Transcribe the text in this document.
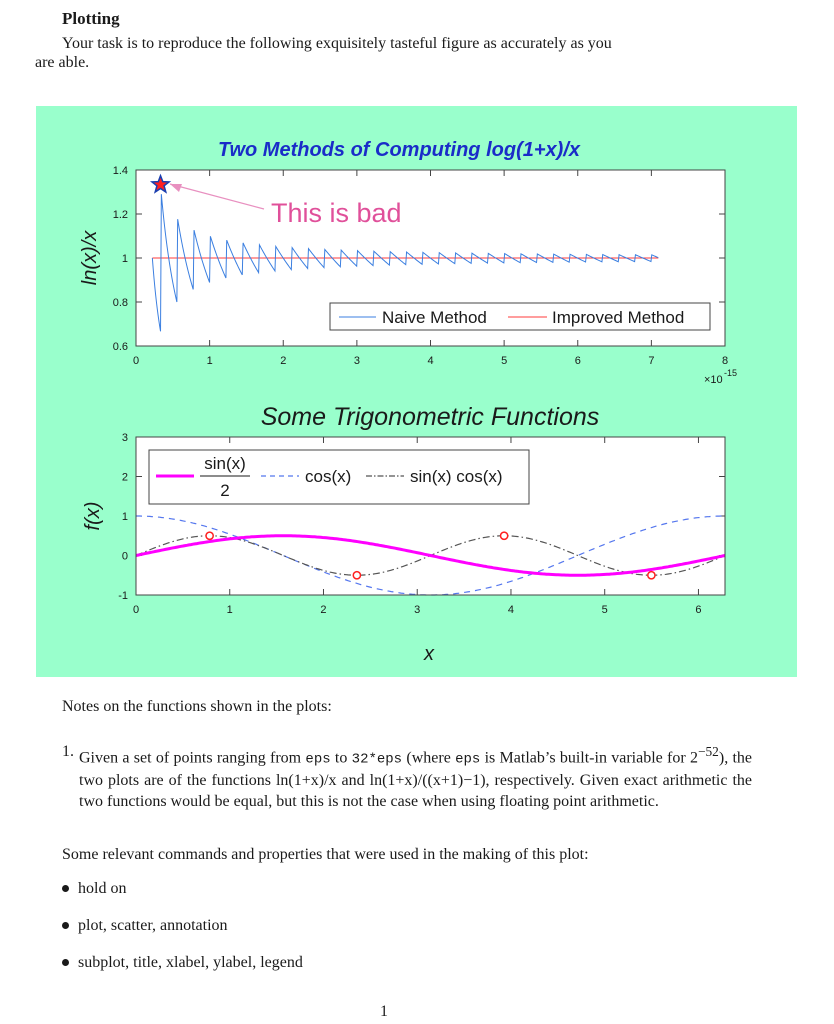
Plotting
Your task is to reproduce the following exquisitely tasteful figure as accurately as you
are able.
0	1	2	3	4	5	6	7	8
0.6
0.8
1
1.2
1.4
Two Methods of Computing log(1+x)/x
ln(x)/x
×10
-15
This is bad
Naive Method	Improved Method
0	1	2	3	4	5	6
-1
0
1
2
3
Some Trigonometric Functions
f(x)
x
sin(x)
2
cos(x)	sin(x) cos(x)
Notes on the functions shown in the plots:
1. Given a set of points ranging from eps to 32*eps (where eps is Matlab’s built-in variable for $2^{-52}$), the two plots are of the functions ln(1+x)/x and ln(1+x)/((x+1)−1), respectively. Given exact arithmetic the two functions would be equal, but this is not the case when using floating point arithmetic.
Some relevant commands and properties that were used in the making of this plot:
hold on
plot, scatter, annotation
subplot, title, xlabel, ylabel, legend
1
